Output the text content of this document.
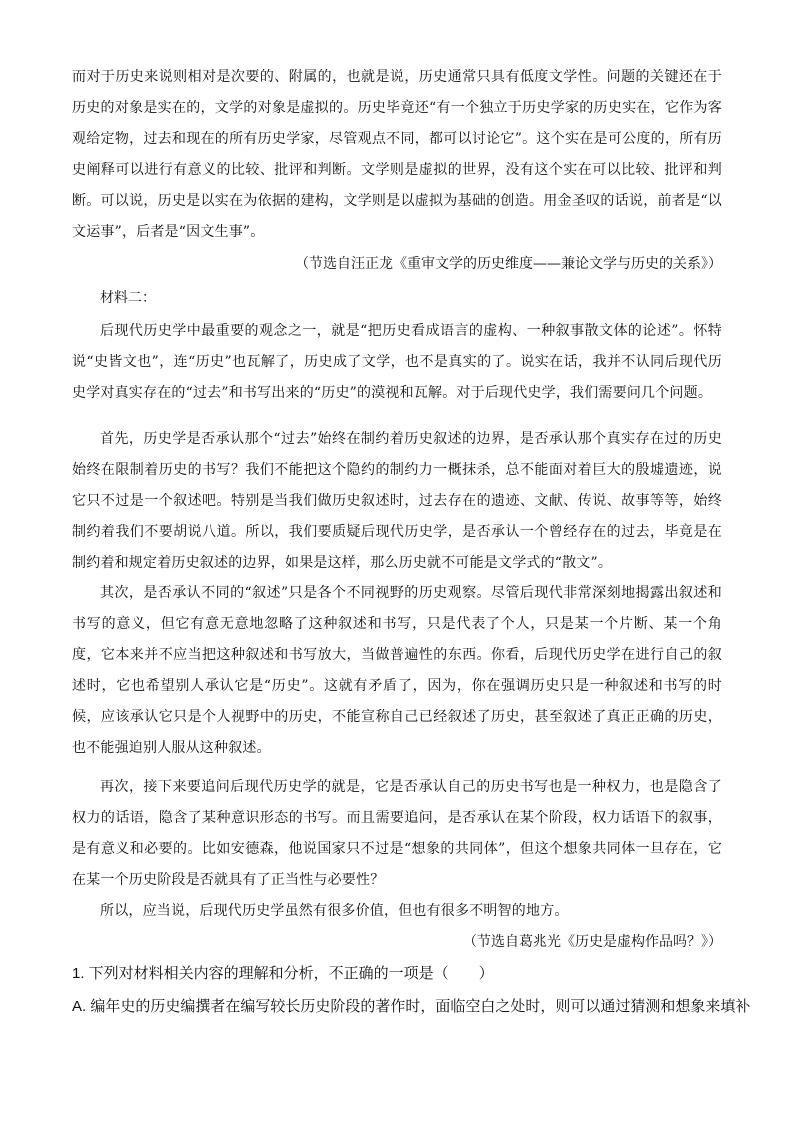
而对于历史来说则相对是次要的、附属的，也就是说，历史通常只具有低度文学性。问题的关键还在于历史的对象是实在的，文学的对象是虚拟的。历史毕竟还“有一个独立于历史学家的历史实在，它作为客观给定物，过去和现在的所有历史学家，尽管观点不同，都可以讨论它”。这个实在是可公度的，所有历史阐释可以进行有意义的比较、批评和判断。文学则是虚拟的世界，没有这个实在可以比较、批评和判断。可以说，历史是以实在为依据的建构，文学则是以虚拟为基础的创造。用金圣叹的话说，前者是“以文运事”，后者是“因文生事”。

（节选自汪正龙《重审文学的历史维度——兼论文学与历史的关系》）

材料二：

后现代历史学中最重要的观念之一，就是“把历史看成语言的虚构、一种叙事散文体的论述”。怀特说“史皆文也”，连“历史”也瓦解了，历史成了文学，也不是真实的了。说实在话，我并不认同后现代历史学对真实存在的“过去”和书写出来的“历史”的漠视和瓦解。对于后现代史学，我们需要问几个问题。

首先，历史学是否承认那个“过去”始终在制约着历史叙述的边界，是否承认那个真实存在过的历史始终在限制着历史的书写？我们不能把这个隐约的制约力一概抹杀，总不能面对着巨大的殷墟遗迹，说它只不过是一个叙述吧。特别是当我们做历史叙述时，过去存在的遗迹、文献、传说、故事等等，始终制约着我们不要胡说八道。所以，我们要质疑后现代历史学，是否承认一个曾经存在的过去，毕竟是在制约着和规定着历史叙述的边界，如果是这样，那么历史就不可能是文学式的“散文”。

其次，是否承认不同的“叙述”只是各个不同视野的历史观察。尽管后现代非常深刻地揭露出叙述和书写的意义，但它有意无意地忽略了这种叙述和书写，只是代表了个人，只是某一个片断、某一个角度，它本来并不应当把这种叙述和书写放大，当做普遍性的东西。你看，后现代历史学在进行自己的叙述时，它也希望别人承认它是“历史”。这就有矛盾了，因为，你在强调历史只是一种叙述和书写的时候，应该承认它只是个人视野中的历史，不能宣称自己已经叙述了历史，甚至叙述了真正正确的历史，也不能强迫别人服从这种叙述。

再次，接下来要追问后现代历史学的就是，它是否承认自己的历史书写也是一种权力，也是隐含了权力的话语，隐含了某种意识形态的书写。而且需要追问，是否承认在某个阶段，权力话语下的叙事，是有意义和必要的。比如安德森，他说国家只不过是“想象的共同体”，但这个想象共同体一旦存在，它在某一个历史阶段是否就具有了正当性与必要性？

所以，应当说，后现代历史学虽然有很多价值，但也有很多不明智的地方。

（节选自葛兆光《历史是虚构作品吗？》）

1. 下列对材料相关内容的理解和分析，不正确的一项是（　　）

A. 编年史的历史编撰者在编写较长历史阶段的著作时，面临空白之处时，则可以通过猜测和想象来填补
